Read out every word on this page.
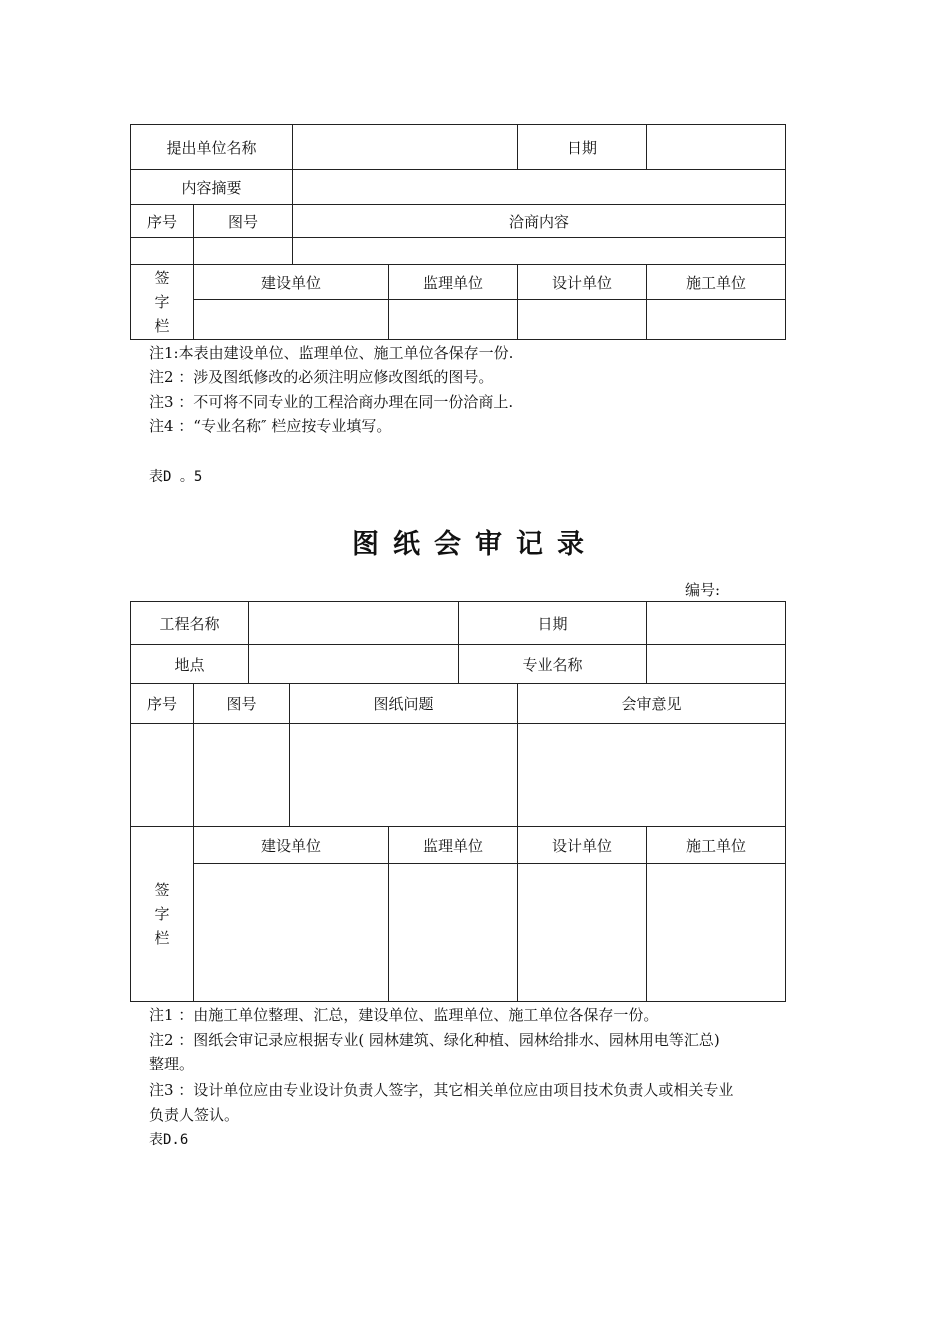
提出单位名称				日期	
内容摘要					
序号	图号	洽商内容			

签
字
栏	建设单位		监理单位	设计单位	施工单位

注1:本表由建设单位、监理单位、施工单位各保存一份.
注2 ：涉及图纸修改的必须注明应修改图纸的图号。
注3 ：不可将不同专业的工程洽商办理在同一份洽商上.
注4 ：“专业名称″ 栏应按专业填写。
表D 。5
图纸会审记录
编号:
工程名称					日期		
地点					专业名称		
序号	图号		图纸问题			会审意见	

签
字
栏	建设单位			监理单位		设计单位	施工单位

注1 ：由施工单位整理、汇总，建设单位、监理单位、施工单位各保存一份。
注2 ：图纸会审记录应根据专业( 园林建筑、绿化种植、园林给排水、园林用电等汇总)
整理。
注3 ：设计单位应由专业设计负责人签字，其它相关单位应由项目技术负责人或相关专业
负责人签认。
表D.6
